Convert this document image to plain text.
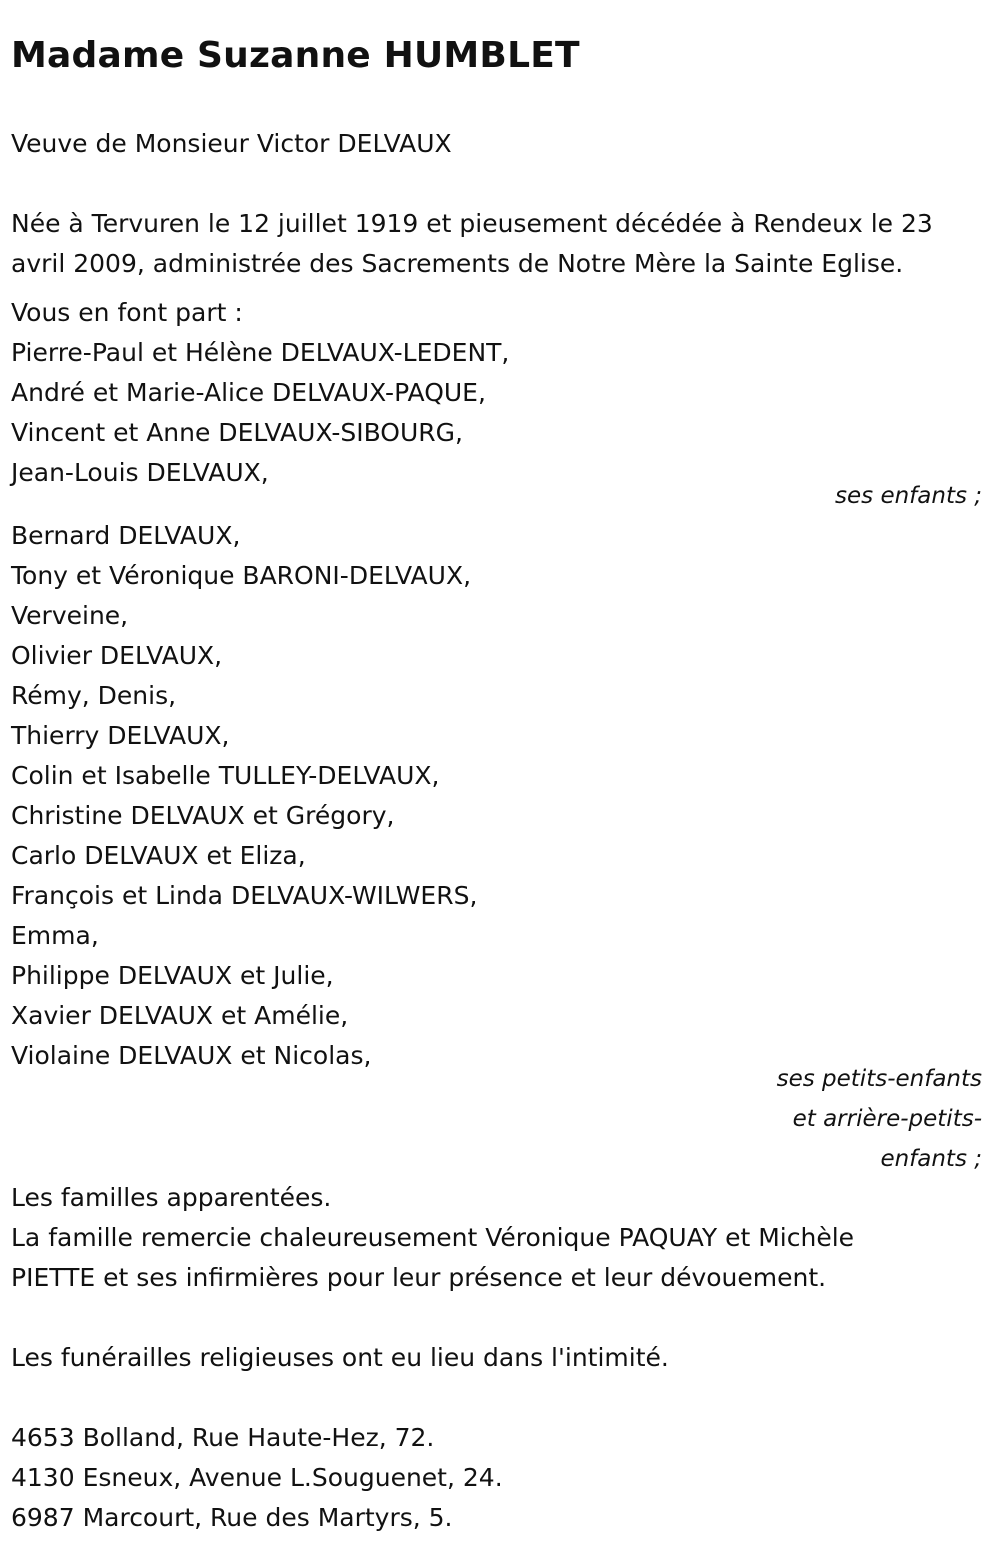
Madame Suzanne HUMBLET

Veuve de Monsieur Victor DELVAUX

Née à Tervuren le 12 juillet 1919 et pieusement décédée à Rendeux le 23
avril 2009, administrée des Sacrements de Notre Mère la Sainte Eglise.

Vous en font part :
Pierre-Paul et Hélène DELVAUX-LEDENT,
André et Marie-Alice DELVAUX-PAQUE,
Vincent et Anne DELVAUX-SIBOURG,
Jean-Louis DELVAUX,
ses enfants ;
Bernard DELVAUX,
Tony et Véronique BARONI-DELVAUX,
Verveine,
Olivier DELVAUX,
Rémy, Denis,
Thierry DELVAUX,
Colin et Isabelle TULLEY-DELVAUX,
Christine DELVAUX et Grégory,
Carlo DELVAUX et Eliza,
François et Linda DELVAUX-WILWERS,
Emma,
Philippe DELVAUX et Julie,
Xavier DELVAUX et Amélie,
Violaine DELVAUX et Nicolas,
ses petits-enfants
et arrière-petits-
enfants ;
Les familles apparentées.
La famille remercie chaleureusement Véronique PAQUAY et Michèle
PIETTE et ses infirmières pour leur présence et leur dévouement.

Les funérailles religieuses ont eu lieu dans l'intimité.

4653 Bolland, Rue Haute-Hez, 72.
4130 Esneux, Avenue L.Souguenet, 24.
6987 Marcourt, Rue des Martyrs, 5.
